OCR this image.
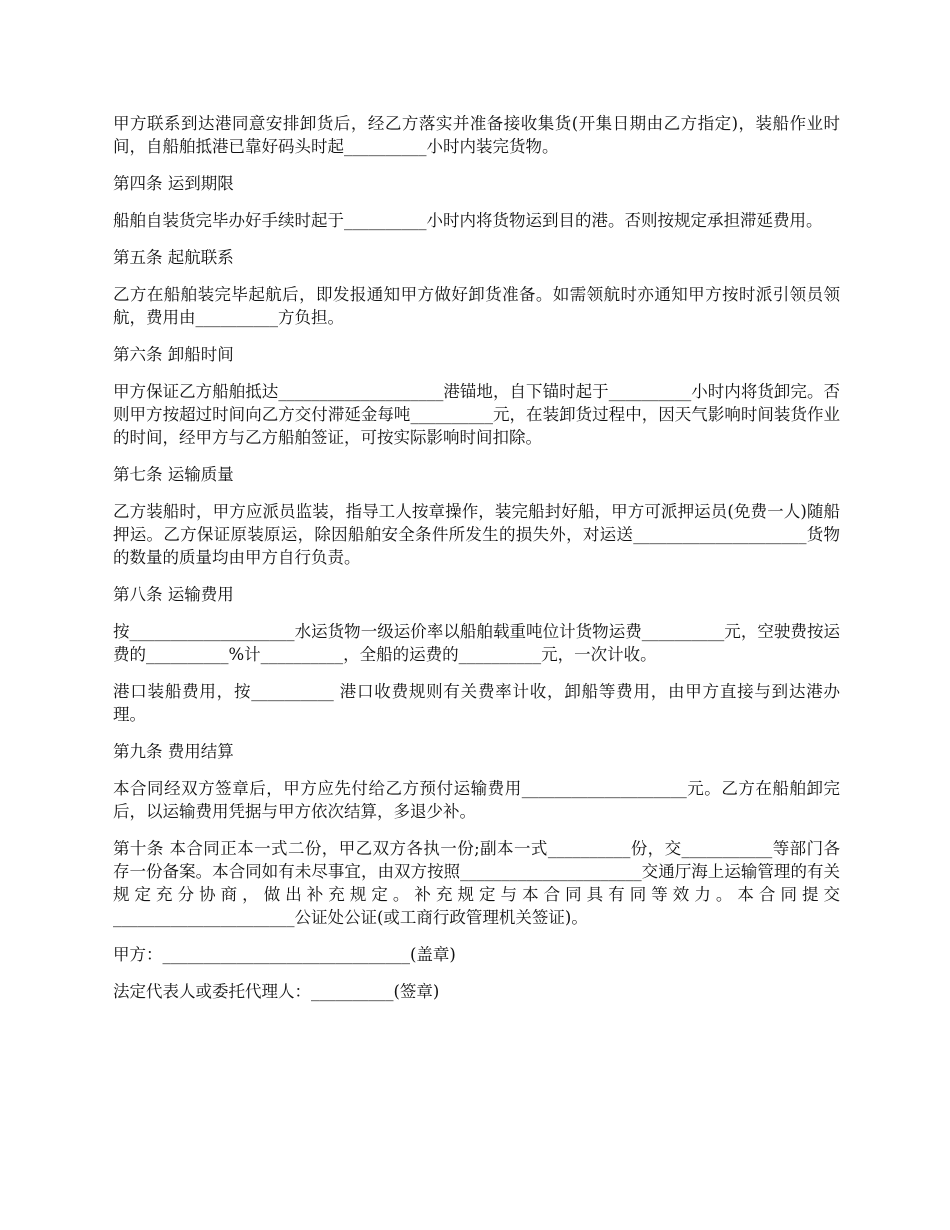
甲方联系到达港同意安排卸货后，经乙方落实并准备接收集货(开集日期由乙方指定)，装船作业时间，自船舶抵港已靠好码头时起__________小时内装完货物。

第四条 运到期限

船舶自装货完毕办好手续时起于__________小时内将货物运到目的港。否则按规定承担滞延费用。

第五条 起航联系

乙方在船舶装完毕起航后，即发报通知甲方做好卸货准备。如需领航时亦通知甲方按时派引领员领航，费用由__________方负担。

第六条 卸船时间

甲方保证乙方船舶抵达____________________港锚地，自下锚时起于__________小时内将货卸完。否则甲方按超过时间向乙方交付滞延金每吨__________元，在装卸货过程中，因天气影响时间装货作业的时间，经甲方与乙方船舶签证，可按实际影响时间扣除。

第七条 运输质量

乙方装船时，甲方应派员监装，指导工人按章操作，装完船封好船，甲方可派押运员(免费一人)随船押运。乙方保证原装原运，除因船舶安全条件所发生的损失外，对运送_____________________货物的数量的质量均由甲方自行负责。

第八条 运输费用

按____________________水运货物一级运价率以船舶载重吨位计货物运费__________元，空驶费按运费的__________%计__________，全船的运费的__________元，一次计收。

港口装船费用，按__________ 港口收费规则有关费率计收，卸船等费用，由甲方直接与到达港办理。

第九条 费用结算

本合同经双方签章后，甲方应先付给乙方预付运输费用____________________元。乙方在船舶卸完后，以运输费用凭据与甲方依次结算，多退少补。

第十条 本合同正本一式二份，甲乙双方各执一份;副本一式__________份，交___________等部门各存一份备案。本合同如有未尽事宜，由双方按照______________________交通厅海上运输管理的有关规定充分协商，做出补充规定。补充规定与本合同具有同等效力。本合同提交______________________公证处公证(或工商行政管理机关签证)。

甲方：______________________________(盖章)

法定代表人或委托代理人：__________(签章)
